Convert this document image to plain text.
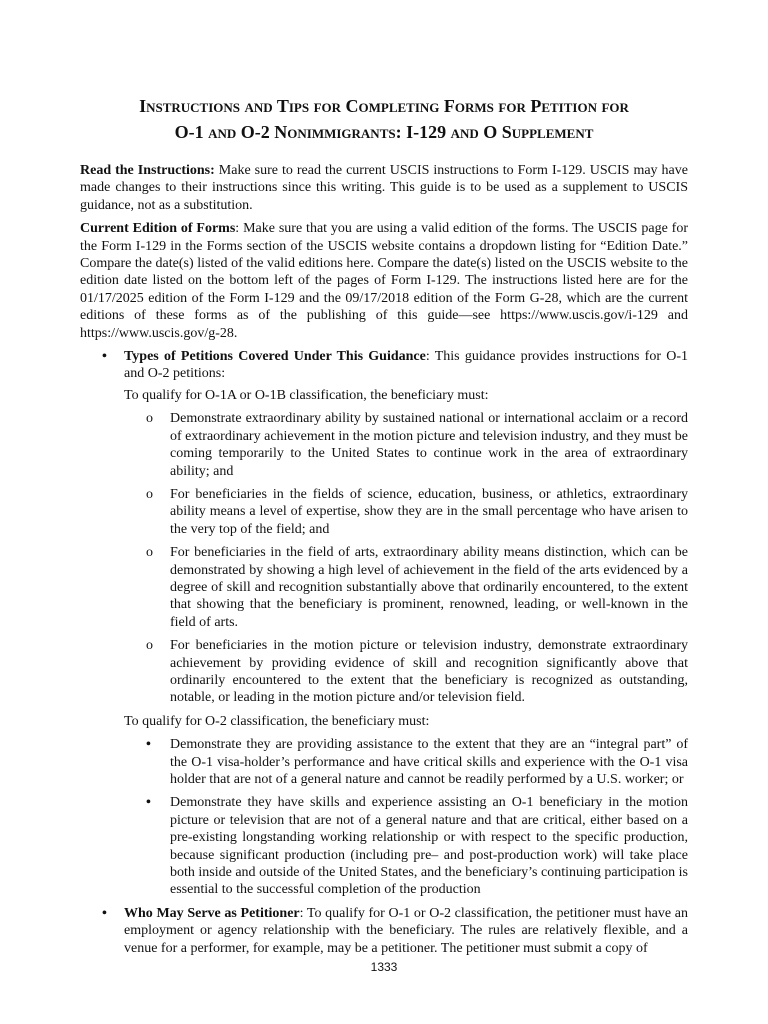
Instructions and Tips for Completing Forms for Petition for
O-1 and O-2 Nonimmigrants: I-129 and O Supplement

Read the Instructions: Make sure to read the current USCIS instructions to Form I-129. USCIS may have made changes to their instructions since this writing. This guide is to be used as a supplement to USCIS guidance, not as a substitution.

Current Edition of Forms: Make sure that you are using a valid edition of the forms. The USCIS page for the Form I-129 in the Forms section of the USCIS website contains a dropdown listing for “Edition Date.” Compare the date(s) listed of the valid editions here. Compare the date(s) listed on the USCIS website to the edition date listed on the bottom left of the pages of Form I-129. The instructions listed here are for the 01/17/2025 edition of the Form I-129 and the 09/17/2018 edition of the Form G-28, which are the current editions of these forms as of the publishing of this guide—see https://www.uscis.gov/i-129 and https://www.uscis.gov/g-28.

• Types of Petitions Covered Under This Guidance: This guidance provides instructions for O-1 and O-2 petitions:

To qualify for O-1A or O-1B classification, the beneficiary must:
o Demonstrate extraordinary ability by sustained national or international acclaim or a record of extraordinary achievement in the motion picture and television industry, and they must be coming temporarily to the United States to continue work in the area of extraordinary ability; and
o For beneficiaries in the fields of science, education, business, or athletics, extraordinary ability means a level of expertise, show they are in the small percentage who have arisen to the very top of the field; and
o For beneficiaries in the field of arts, extraordinary ability means distinction, which can be demonstrated by showing a high level of achievement in the field of the arts evidenced by a degree of skill and recognition substantially above that ordinarily encountered, to the extent that showing that the beneficiary is prominent, renowned, leading, or well-known in the field of arts.
o For beneficiaries in the motion picture or television industry, demonstrate extraordinary achievement by providing evidence of skill and recognition significantly above that ordinarily encountered to the extent that the beneficiary is recognized as outstanding, notable, or leading in the motion picture and/or television field.
To qualify for O-2 classification, the beneficiary must:
• Demonstrate they are providing assistance to the extent that they are an “integral part” of the O-1 visa-holder’s performance and have critical skills and experience with the O-1 visa holder that are not of a general nature and cannot be readily performed by a U.S. worker; or
• Demonstrate they have skills and experience assisting an O-1 beneficiary in the motion picture or television that are not of a general nature and that are critical, either based on a pre-existing longstanding working relationship or with respect to the specific production, because significant production (including pre– and post-production work) will take place both inside and outside of the United States, and the beneficiary’s continuing participation is essential to the successful completion of the production
• Who May Serve as Petitioner: To qualify for O-1 or O-2 classification, the petitioner must have an employment or agency relationship with the beneficiary. The rules are relatively flexible, and a venue for a performer, for example, may be a petitioner. The petitioner must submit a copy of

1333
